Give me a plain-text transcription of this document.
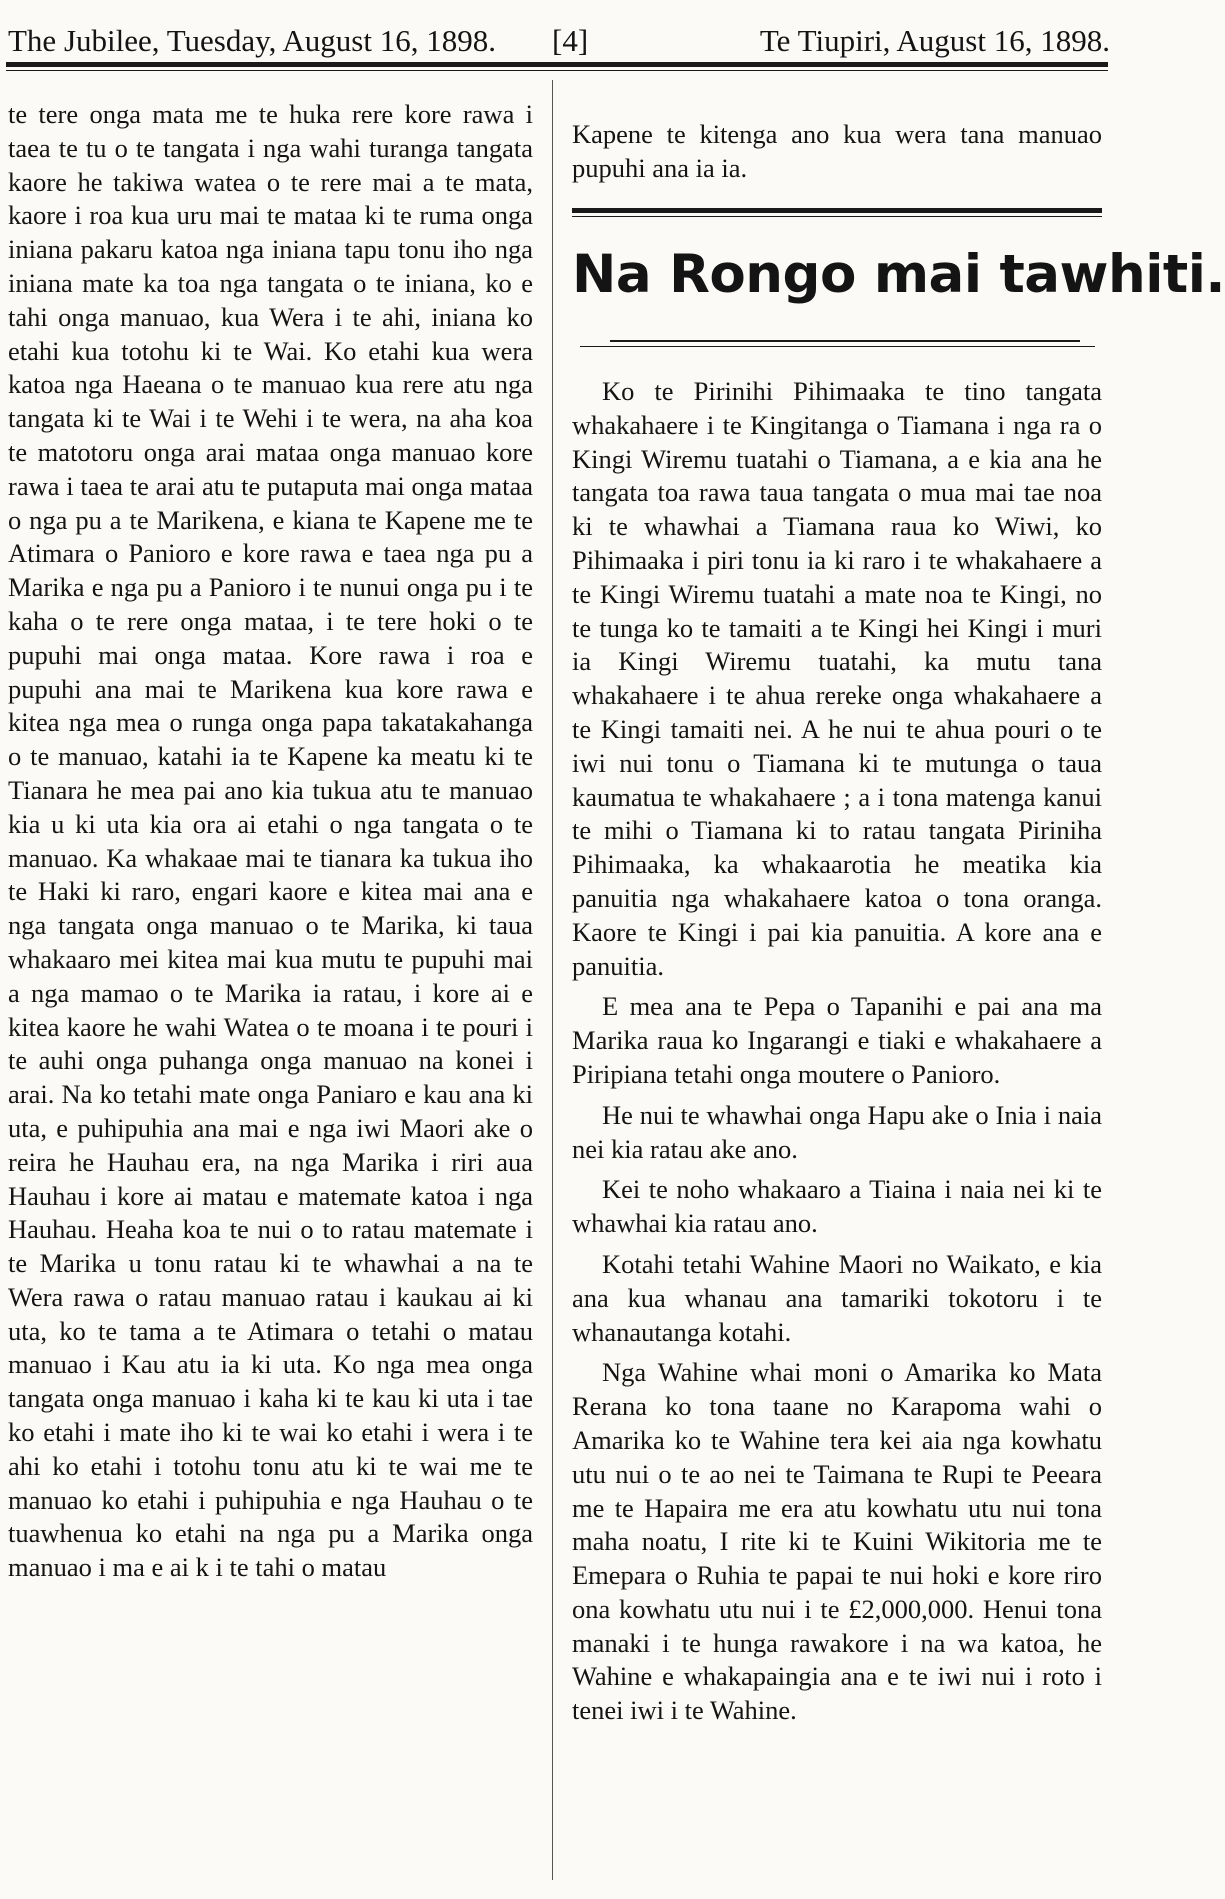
The Jubilee, Tuesday, August 16, 1898. [4]	Te Tiupiri, August 16, 1898.

te tere onga mata me te huka rere kore rawa i taea te tu o te tangata i nga wahi turanga tangata kaore he takiwa watea o te rere mai a te mata, kaore i roa kua uru mai te mataa ki te ruma onga iniana pakaru katoa nga iniana tapu tonu iho nga iniana mate ka toa nga tangata o te iniana, ko e tahi onga manuao, kua Wera i te ahi, iniana ko etahi kua totohu ki te Wai. Ko etahi kua wera katoa nga Haeana o te manuao kua rere atu nga tangata ki te Wai i te Wehi i te wera, na aha koa te matotoru onga arai mataa onga manuao kore rawa i taea te arai atu te putaputa mai onga mataa o nga pu a te Marikena, e kiana te Kapene me te Atimara o Panioro e kore rawa e taea nga pu a Marika e nga pu a Panioro i te nunui onga pu i te kaha o te rere onga mataa, i te tere hoki o te pupuhi mai onga mataa. Kore rawa i roa e pupuhi ana mai te Marikena kua kore rawa e kitea nga mea o runga onga papa takatakahanga o te manuao, katahi ia te Kapene ka meatu ki te Tianara he mea pai ano kia tukua atu te manuao kia u ki uta kia ora ai etahi o nga tangata o te manuao. Ka whakaae mai te tianara ka tukua iho te Haki ki raro, engari kaore e kitea mai ana e nga tangata onga manuao o te Marika, ki taua whakaaro mei kitea mai kua mutu te pupuhi mai a nga mamao o te Marika ia ratau, i kore ai e kitea kaore he wahi Watea o te moana i te pouri i te auhi onga puhanga onga manuao na konei i arai. Na ko tetahi mate onga Paniaro e kau ana ki uta, e puhipuhia ana mai e nga iwi Maori ake o reira he Hauhau era, na nga Marika i riri aua Hauhau i kore ai matau e matemate katoa i nga Hauhau. Heaha koa te nui o to ratau matemate i te Marika u tonu ratau ki te whawhai a na te Wera rawa o ratau manuao ratau i kaukau ai ki uta, ko te tama a te Atimara o tetahi o matau manuao i Kau atu ia ki uta. Ko nga mea onga tangata onga manuao i kaha ki te kau ki uta i tae ko etahi i mate iho ki te wai ko etahi i wera i te ahi ko etahi i totohu tonu atu ki te wai me te manuao ko etahi i puhipuhia e nga Hauhau o te tuawhenua ko etahi na nga pu a Marika onga manuao i ma e ai k i te tahi o matau

Kapene te kitenga ano kua wera tana manuao pupuhi ana ia ia.

Na Rongo mai tawhiti.

Ko te Pirinihi Pihimaaka te tino tangata whakahaere i te Kingitanga o Tiamana i nga ra o Kingi Wiremu tuatahi o Tiamana, a e kia ana he tangata toa rawa taua tangata o mua mai tae noa ki te whawhai a Tiamana raua ko Wiwi, ko Pihimaaka i piri tonu ia ki raro i te whakahaere a te Kingi Wiremu tuatahi a mate noa te Kingi, no te tunga ko te tamaiti a te Kingi hei Kingi i muri ia Kingi Wiremu tuatahi, ka mutu tana whakahaere i te ahua rereke onga whakahaere a te Kingi tamaiti nei. A he nui te ahua pouri o te iwi nui tonu o Tiamana ki te mutunga o taua kaumatua te whakahaere ; a i tona matenga kanui te mihi o Tiamana ki to ratau tangata Piriniha Pihimaaka, ka whakaarotia he meatika kia panuitia nga whakahaere katoa o tona oranga. Kaore te Kingi i pai kia panuitia. A kore ana e panuitia.

E mea ana te Pepa o Tapanihi e pai ana ma Marika raua ko Ingarangi e tiaki e whakahaere a Piripiana tetahi onga moutere o Panioro.

He nui te whawhai onga Hapu ake o Inia i naia nei kia ratau ake ano.

Kei te noho whakaaro a Tiaina i naia nei ki te whawhai kia ratau ano.

Kotahi tetahi Wahine Maori no Waikato, e kia ana kua whanau ana tamariki tokotoru i te whanautanga kotahi.

Nga Wahine whai moni o Amarika ko Mata Rerana ko tona taane no Karapoma wahi o Amarika ko te Wahine tera kei aia nga kowhatu utu nui o te ao nei te Taimana te Rupi te Peeara me te Hapaira me era atu kowhatu utu nui tona maha noatu, I rite ki te Kuini Wikitoria me te Emepara o Ruhia te papai te nui hoki e kore riro ona kowhatu utu nui i te £2,000,000. Henui tona manaki i te hunga rawakore i na wa katoa, he Wahine e whakapaingia ana e te iwi nui i roto i tenei iwi i te Wahine.
